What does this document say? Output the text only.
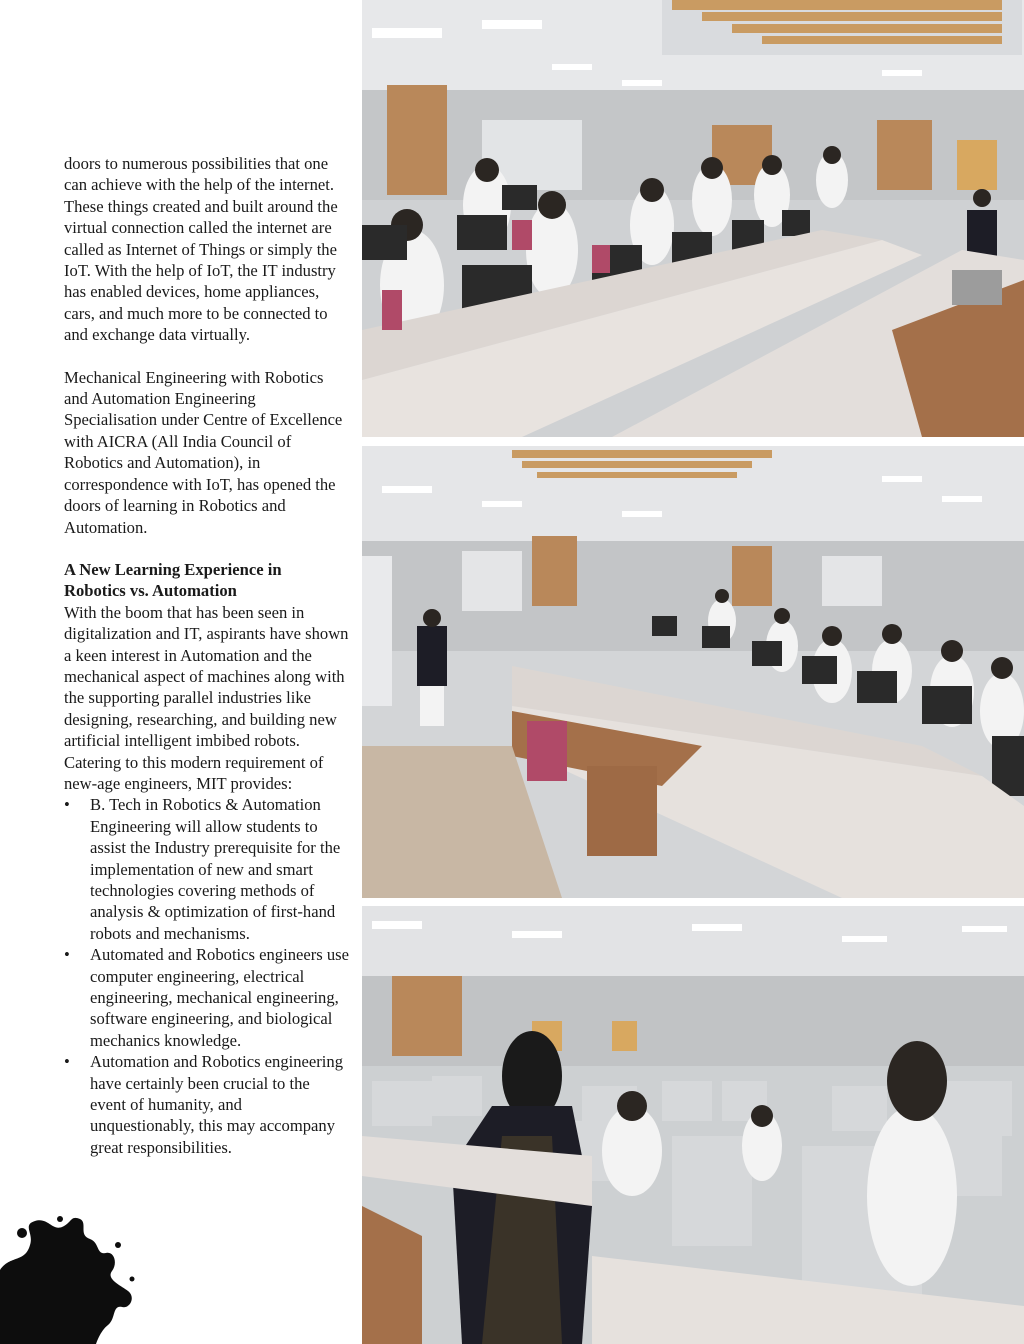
doors to numerous possibilities that one can achieve with the help of the internet. These things created and built around the virtual connection called the internet are called as Internet of Things or simply the IoT. With the help of IoT, the IT industry has enabled devices, home appliances, cars, and much more to be connected to and exchange data virtually.

Mechanical Engineering with Robotics and Automation Engineering Specialisation under Centre of Excellence with AICRA (All India Council of Robotics and Automation), in correspondence with IoT, has opened the doors of learning in Robotics and Automation.

A New Learning Experience in
Robotics vs. Automation

With the boom that has been seen in digitalization and IT, aspirants have shown a keen interest in Automation and the mechanical aspect of machines along with the supporting parallel industries like designing, researching, and building new artificial intelligent imbibed robots. Catering to this modern requirement of new-age engineers, MIT provides:

• B. Tech in Robotics & Automation Engineering will allow students to assist the Industry prerequisite for the implementation of new and smart technologies covering methods of analysis & optimization of first-hand robots and mechanisms.
• Automated and Robotics engineers use computer engineering, electrical engineering, mechanical engineering, software engineering, and biological mechanics knowledge.
• Automation and Robotics engineering have certainly been crucial to the event of humanity, and unquestionably, this may accompany great responsibilities.
